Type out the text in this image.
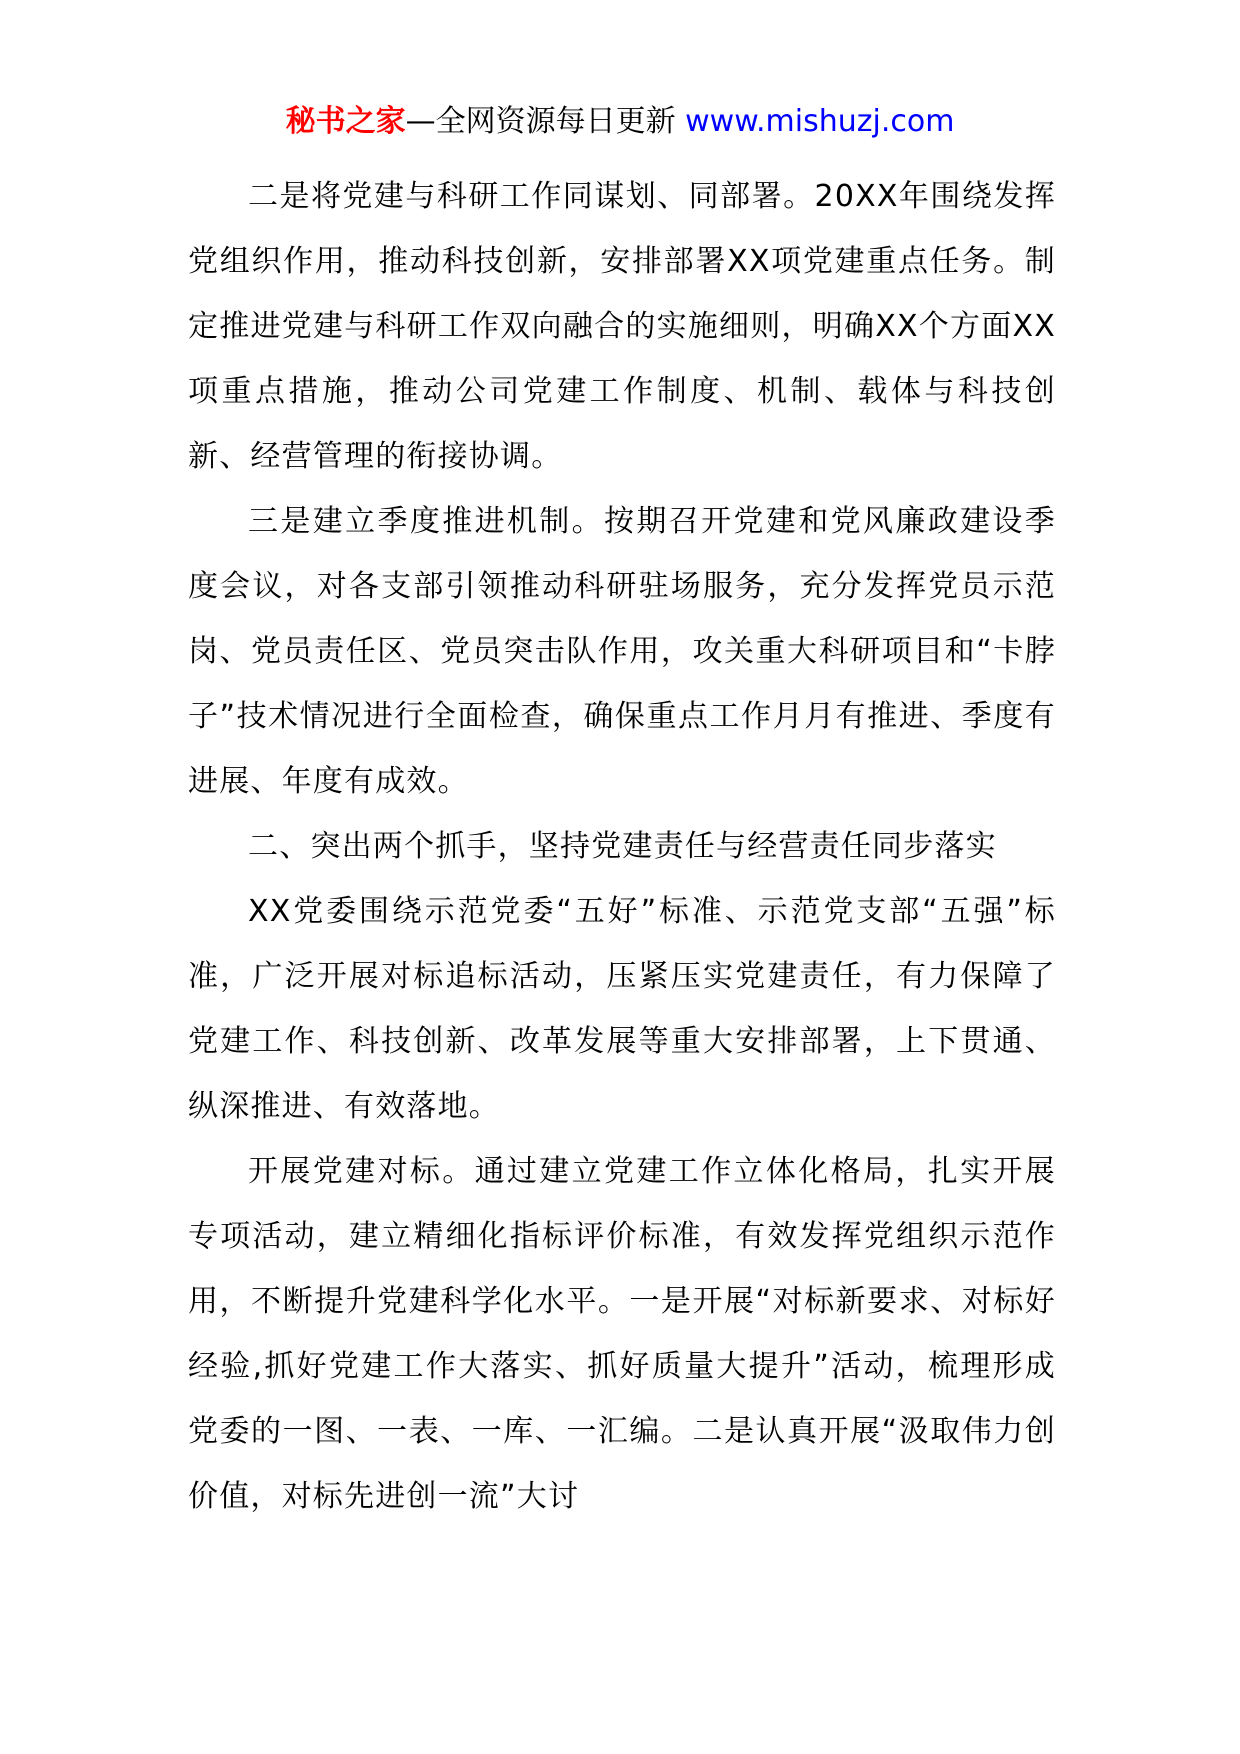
秘书之家—全网资源每日更新 www.mishuzj.com

二是将党建与科研工作同谋划、同部署。20XX年围绕发挥党组织作用，推动科技创新，安排部署XX项党建重点任务。制定推进党建与科研工作双向融合的实施细则，明确XX个方面XX项重点措施，推动公司党建工作制度、机制、载体与科技创新、经营管理的衔接协调。

三是建立季度推进机制。按期召开党建和党风廉政建设季度会议，对各支部引领推动科研驻场服务，充分发挥党员示范岗、党员责任区、党员突击队作用，攻关重大科研项目和“卡脖子”技术情况进行全面检查，确保重点工作月月有推进、季度有进展、年度有成效。

二、突出两个抓手，坚持党建责任与经营责任同步落实

XX党委围绕示范党委“五好”标准、示范党支部“五强”标准，广泛开展对标追标活动，压紧压实党建责任，有力保障了党建工作、科技创新、改革发展等重大安排部署，上下贯通、纵深推进、有效落地。

开展党建对标。通过建立党建工作立体化格局，扎实开展专项活动，建立精细化指标评价标准，有效发挥党组织示范作用，不断提升党建科学化水平。一是开展“对标新要求、对标好经验,抓好党建工作大落实、抓好质量大提升”活动，梳理形成党委的一图、一表、一库、一汇编。二是认真开展“汲取伟力创价值，对标先进创一流”大讨
